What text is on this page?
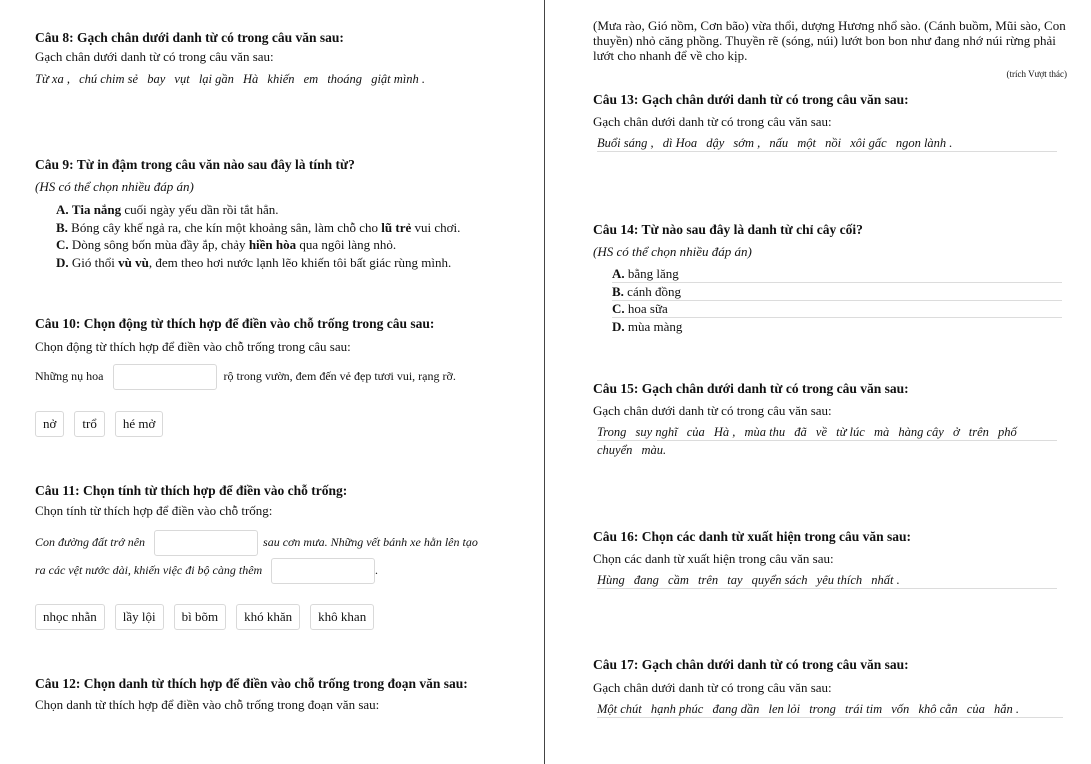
Câu 8: Gạch chân dưới danh từ có trong câu văn sau:
Gạch chân dưới danh từ có trong câu văn sau:
Từ xa , chú chim sẻ bay vụt lại gần Hà khiến em thoáng giật mình .
Câu 9: Từ in đậm trong câu văn nào sau đây là tính từ?
(HS có thể chọn nhiều đáp án)
A. Tia nắng cuối ngày yếu dần rồi tắt hẳn.
B. Bóng cây khế ngả ra, che kín một khoảng sân, làm chỗ cho lũ trẻ vui chơi.
C. Dòng sông bốn mùa đầy ắp, chảy hiền hòa qua ngôi làng nhỏ.
D. Gió thổi vù vù, đem theo hơi nước lạnh lẽo khiến tôi bất giác rùng mình.
Câu 10: Chọn động từ thích hợp để điền vào chỗ trống trong câu sau:
Chọn động từ thích hợp để điền vào chỗ trống trong câu sau:
Những nụ hoa	rộ trong vườn, đem đến vẻ đẹp tươi vui, rạng rỡ.
nở trổ hé mở
Câu 11: Chọn tính từ thích hợp để điền vào chỗ trống:
Chọn tính từ thích hợp để điền vào chỗ trống:
Con đường đất trớ nên	sau cơn mưa. Những vết bánh xe hằn lên tạo
ra các vệt nước dài, khiến việc đi bộ càng thêm	.
nhọc nhằn lầy lội bì bõm khó khăn khô khan
Câu 12: Chọn danh từ thích hợp để điền vào chỗ trống trong đoạn văn sau:
Chọn danh từ thích hợp để điền vào chỗ trống trong đoạn văn sau:
(Mưa rào, Gió nồm, Cơn bão) vừa thổi, dượng Hương nhổ sào. (Cánh buồm, Mũi sào, Con thuyền) nhỏ căng phồng. Thuyền rẽ (sóng, núi) lướt bon bon như đang nhớ núi rừng phải lướt cho nhanh để về cho kịp.
(trích Vượt thác)
Câu 13: Gạch chân dưới danh từ có trong câu văn sau:
Gạch chân dưới danh từ có trong câu văn sau:
Buổi sáng , dì Hoa dậy sớm , nấu một nồi xôi gấc ngon lành .
Câu 14: Từ nào sau đây là danh từ chỉ cây cối?
(HS có thể chọn nhiều đáp án)
A. bằng lăng
B. cánh đồng
C. hoa sữa
D. mùa màng
Câu 15: Gạch chân dưới danh từ có trong câu văn sau:
Gạch chân dưới danh từ có trong câu văn sau:
Trong suy nghĩ của Hà , mùa thu đã về từ lúc mà hàng cây ở trên phố
chuyển màu.
Câu 16: Chọn các danh từ xuất hiện trong câu văn sau:
Chọn các danh từ xuất hiện trong câu văn sau:
Hùng đang cầm trên tay quyển sách yêu thích nhất .
Câu 17: Gạch chân dưới danh từ có trong câu văn sau:
Gạch chân dưới danh từ có trong câu văn sau:
Một chút hạnh phúc đang dần len lỏi trong trái tim vốn khô cằn của hắn .
